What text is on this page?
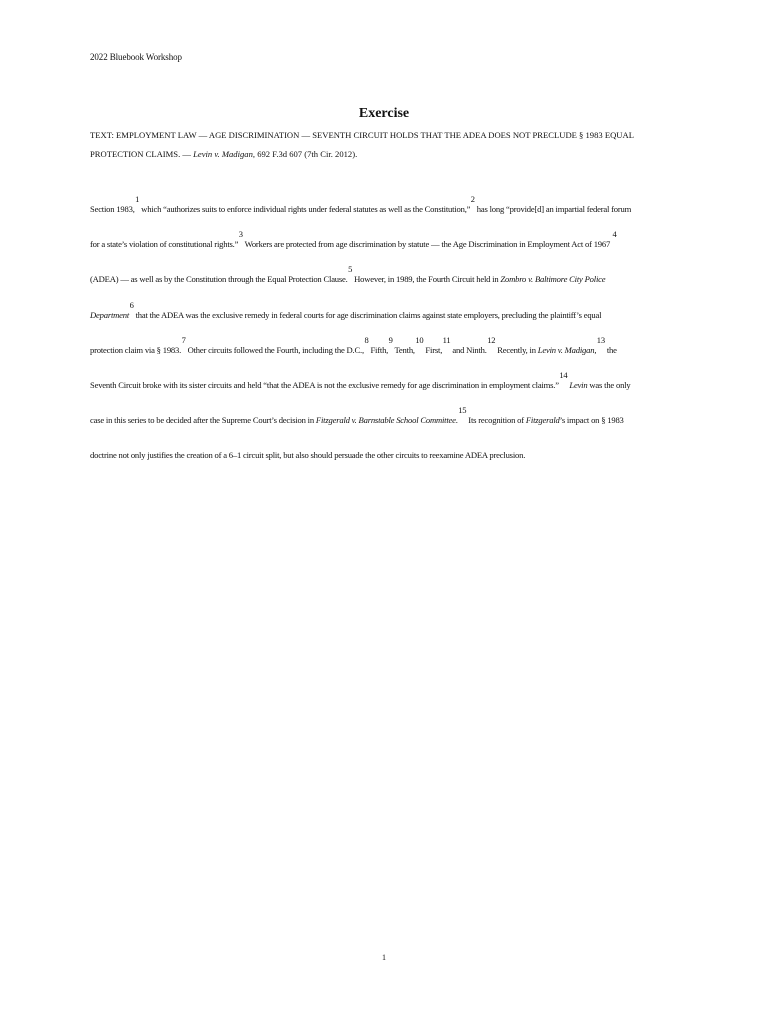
2022 Bluebook Workshop
Exercise
TEXT: EMPLOYMENT LAW — AGE DISCRIMINATION — SEVENTH CIRCUIT HOLDS THAT THE ADEA DOES NOT PRECLUDE § 1983 EQUAL
PROTECTION CLAIMS. — Levin v. Madigan, 692 F.3d 607 (7th Cir. 2012).
Section 1983,$^1$ which “authorizes suits to enforce individual rights under federal statutes as well as the Constitution,”$^2$ has long “provide[d] an impartial federal forum
for a state’s violation of constitutional rights.”$^3$ Workers are protected from age discrimination by statute — the Age Discrimination in Employment Act of 1967 $^4$
(ADEA) — as well as by the Constitution through the Equal Protection Clause.$^5$ However, in 1989, the Fourth Circuit held in Zombro v. Baltimore City Police
Department$^6$ that the ADEA was the exclusive remedy in federal courts for age discrimination claims against state employers, precluding the plaintiff’s equal
protection claim via § 1983.$^7$ Other circuits followed the Fourth, including the D.C.,$^8$ Fifth,$^9$ Tenth,$^{10}$ First,$^{11}$ and Ninth.$^{12}$ Recently, in Levin v. Madigan,$^{13}$ the
Seventh Circuit broke with its sister circuits and held “that the ADEA is not the exclusive remedy for age discrimination in employment claims.”$^{14}$ Levin was the only
case in this series to be decided after the Supreme Court’s decision in Fitzgerald v. Barnstable School Committee.$^{15}$ Its recognition of Fitzgerald’s impact on § 1983
doctrine not only justifies the creation of a 6–1 circuit split, but also should persuade the other circuits to reexamine ADEA preclusion.
1
